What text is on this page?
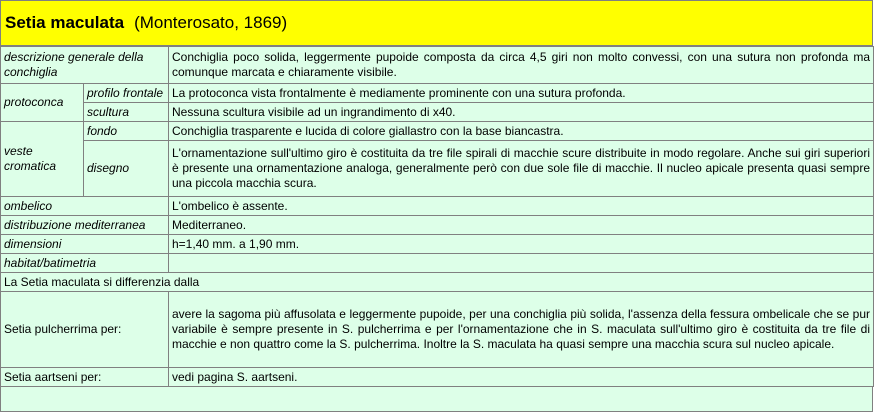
Setia maculata (Monterosato, 1869)
descrizione generale della conchiglia		Conchiglia poco solida, leggermente pupoide composta da circa 4,5 giri non molto convessi, con una sutura non profonda ma comunque marcata e chiaramente visibile.
protoconca	profilo frontale	La protoconca vista frontalmente è mediamente prominente con una sutura profonda.
	scultura	Nessuna scultura visibile ad un ingrandimento di x40.
veste cromatica	fondo	Conchiglia trasparente e lucida di colore giallastro con la base biancastra.
	disegno	L'ornamentazione sull'ultimo giro è costituita da tre file spirali di macchie scure distribuite in modo regolare. Anche sui giri superiori è presente una ornamentazione analoga, generalmente però con due sole file di macchie. Il nucleo apicale presenta quasi sempre una piccola macchia scura.
ombelico		L'ombelico è assente.
distribuzione mediterranea		Mediterraneo.
dimensioni		h=1,40 mm. a 1,90 mm.
habitat/batimetria		
La Setia maculata si differenzia dalla		
Setia pulcherrima per:		avere la sagoma più affusolata e leggermente pupoide, per una conchiglia più solida, l'assenza della fessura ombelicale che se pur variabile è sempre presente in S. pulcherrima e per l'ornamentazione che in S. maculata sull'ultimo giro è costituita da tre file di macchie e non quattro come la S. pulcherrima. Inoltre la S. maculata ha quasi sempre una macchia scura sul nucleo apicale.
Setia aartseni per:		vedi pagina S. aartseni.
